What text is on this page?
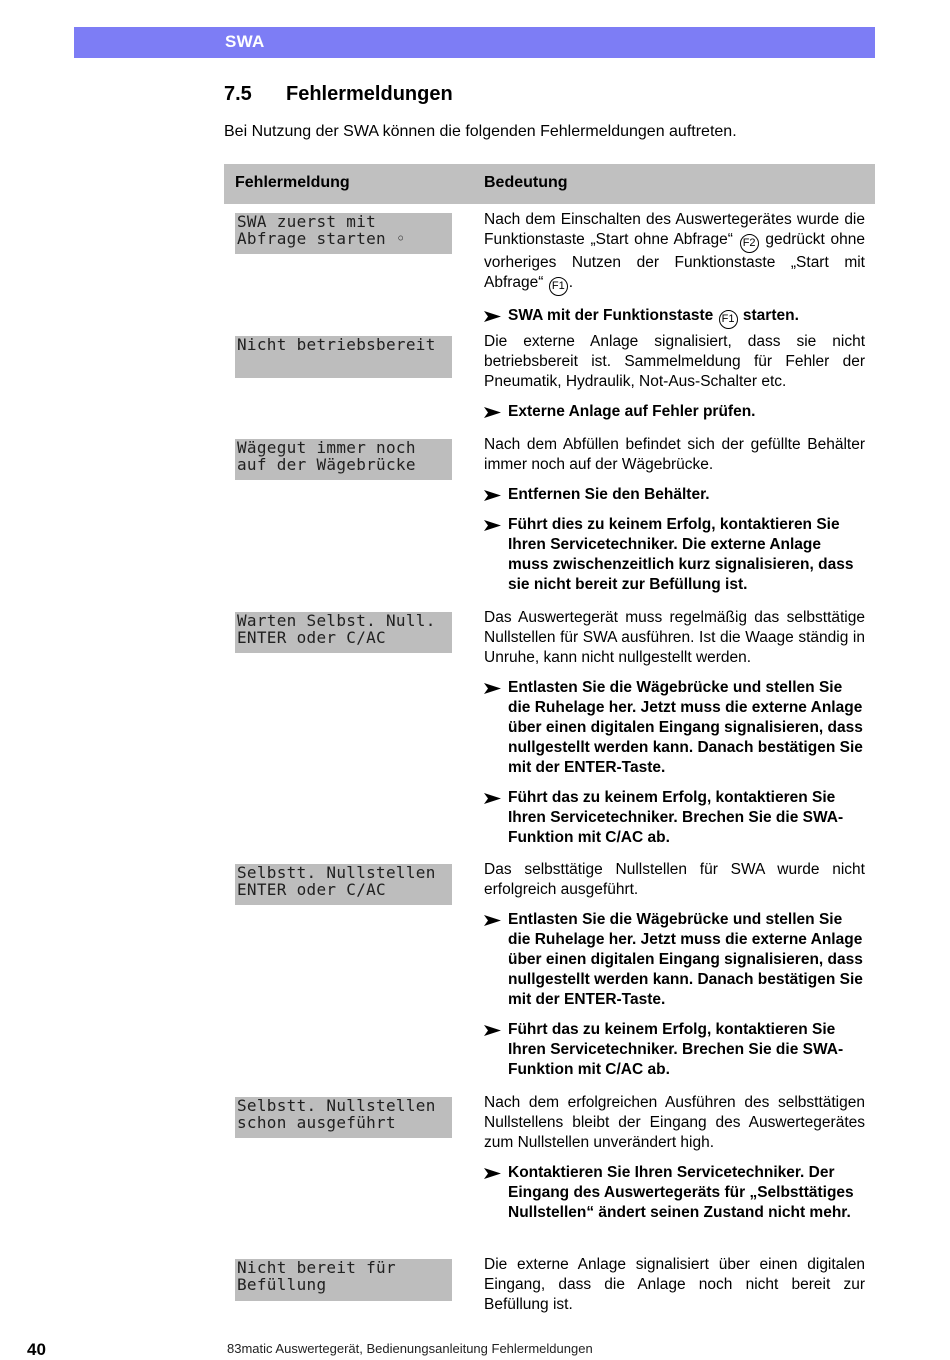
SWA
7.5 Fehlermeldungen
Bei Nutzung der SWA können die folgenden Fehlermeldungen auftreten.
Fehlermeldung	Bedeutung
SWA zuerst mit
Abfrage starten ◦

Nach dem Einschalten des Auswertegerätes wurde die Funktionstaste „Start ohne Abfrage“ F2 gedrückt ohne vorheriges Nutzen der Funktionstaste „Start mit Abfrage“ F1 .

SWA mit der Funktionstaste F1 starten.
Nicht betriebsbereit	Die externe Anlage signalisiert, dass sie nicht betriebsbereit ist. Sammelmeldung für Fehler der Pneumatik, Hydraulik, Not-Aus-Schalter etc.

Externe Anlage auf Fehler prüfen.
Wägegut immer noch
auf der Wägebrücke

Nach dem Abfüllen befindet sich der gefüllte Behälter immer noch auf der Wägebrücke.

Entfernen Sie den Behälter.
Führt dies zu keinem Erfolg, kontaktieren Sie Ihren Servicetechniker. Die externe Anlage muss zwischenzeitlich kurz signalisieren, dass sie nicht bereit zur Befüllung ist.
Warten Selbst. Null.
ENTER oder C/AC

Das Auswertegerät muss regelmäßig das selbsttätige Nullstellen für SWA ausführen. Ist die Waage ständig in Unruhe, kann nicht nullgestellt werden.

Entlasten Sie die Wägebrücke und stellen Sie die Ruhelage her. Jetzt muss die externe Anlage über einen digitalen Eingang signalisieren, dass nullgestellt werden kann. Danach bestätigen Sie mit der ENTER-Taste.
Führt das zu keinem Erfolg, kontaktieren Sie Ihren Servicetechniker. Brechen Sie die SWA-Funktion mit C/AC ab.
Selbstt. Nullstellen
ENTER oder C/AC

Das selbsttätige Nullstellen für SWA wurde nicht erfolgreich ausgeführt.

Entlasten Sie die Wägebrücke und stellen Sie die Ruhelage her. Jetzt muss die externe Anlage über einen digitalen Eingang signalisieren, dass nullgestellt werden kann. Danach bestätigen Sie mit der ENTER-Taste.
Führt das zu keinem Erfolg, kontaktieren Sie Ihren Servicetechniker. Brechen Sie die SWA-Funktion mit C/AC ab.
Selbstt. Nullstellen
schon ausgeführt

Nach dem erfolgreichen Ausführen des selbsttätigen Nullstellens bleibt der Eingang des Auswertegerätes zum Nullstellen unverändert high.

Kontaktieren Sie Ihren Servicetechniker. Der Eingang des Auswertegeräts für „Selbsttätiges Nullstellen“ ändert seinen Zustand nicht mehr.
Nicht bereit für
Befüllung

Die externe Anlage signalisiert über einen digitalen Eingang, dass die Anlage noch nicht bereit zur Befüllung ist.

40	83matic Auswertegerät, Bedienungsanleitung Fehlermeldungen
